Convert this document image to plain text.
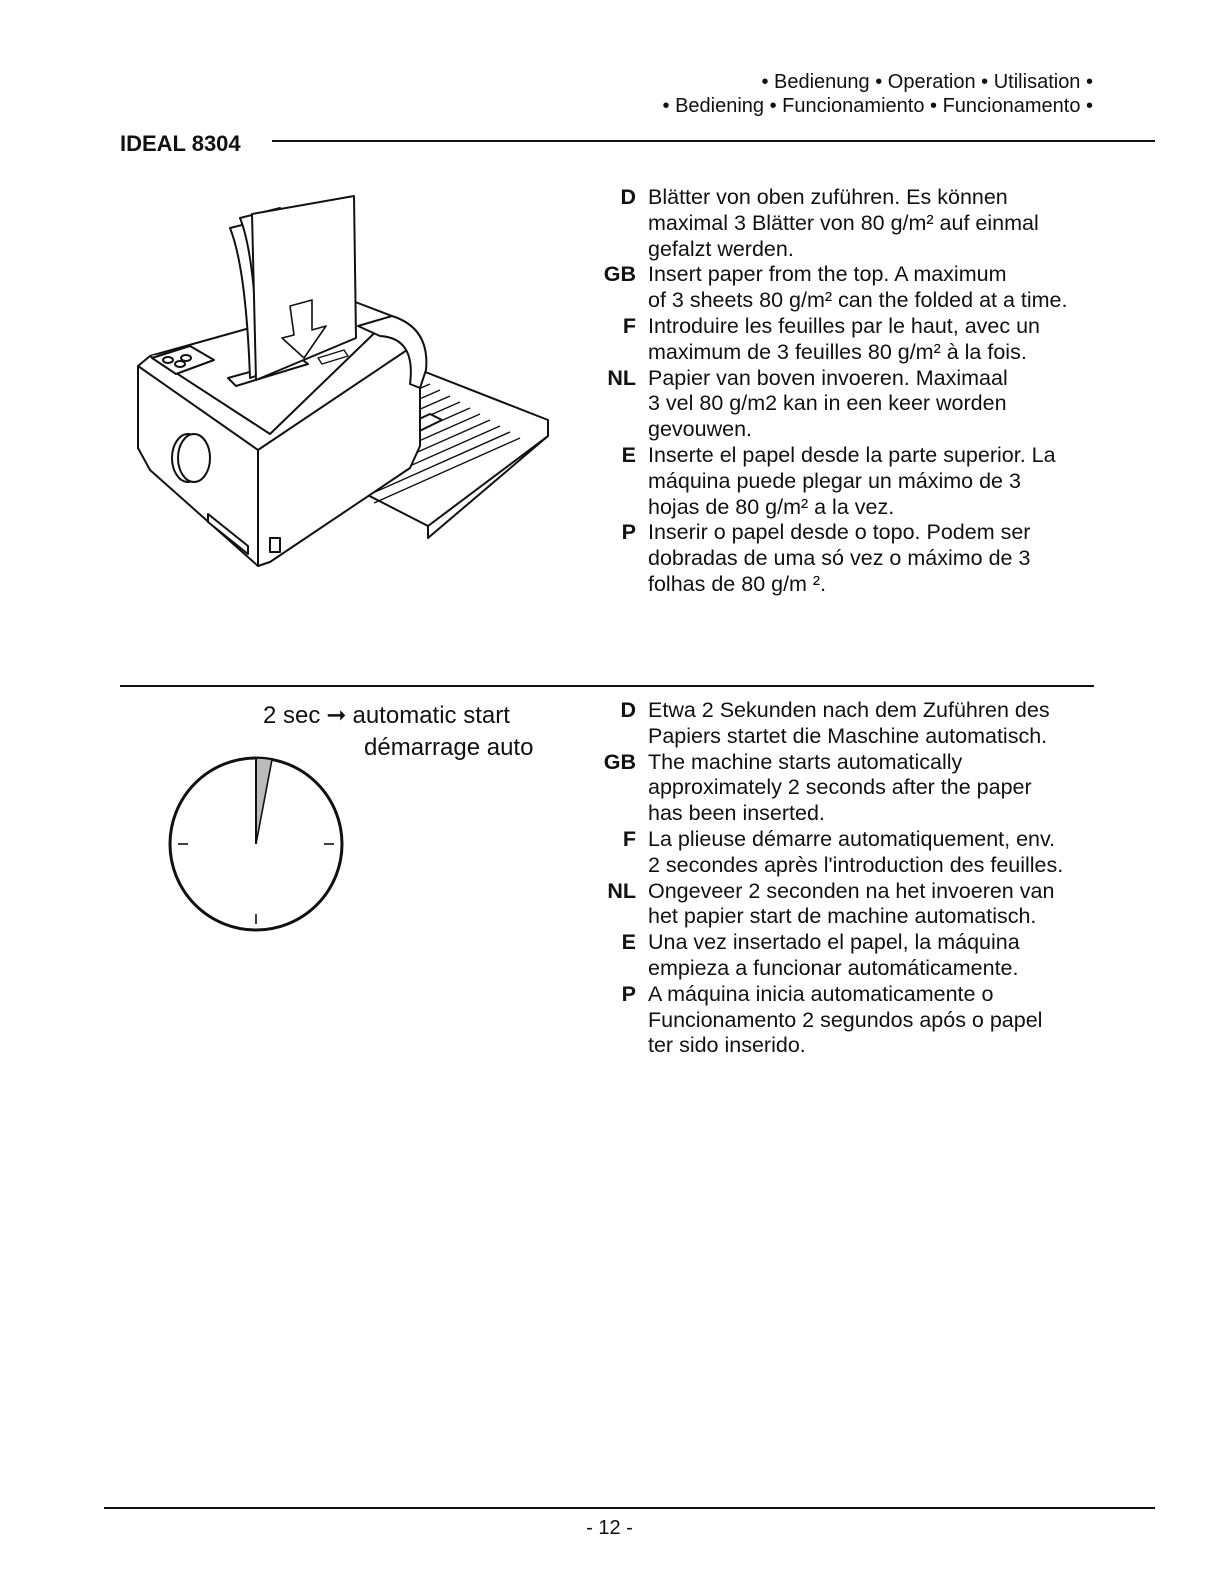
• Bedienung • Operation • Utilisation •
• Bediening • Funcionamiento • Funcionamento •
IDEAL 8304
D Blätter von oben zuführen. Es können
maximal 3 Blätter von 80 g/m² auf einmal
gefalzt werden.
GB Insert paper from the top. A maximum
of 3 sheets 80 g/m² can the folded at a time.
F Introduire les feuilles par le haut, avec un
maximum de 3 feuilles 80 g/m² à la fois.
NL Papier van boven invoeren. Maximaal
3 vel 80 g/m2 kan in een keer worden
gevouwen.
E Inserte el papel desde la parte superior. La
máquina puede plegar un máximo de 3
hojas de 80 g/m² a la vez.
P Inserir o papel desde o topo. Podem ser
dobradas de uma só vez o máximo de 3
folhas de 80 g/m ².
2 sec ➞ automatic start
démarrage auto
D Etwa 2 Sekunden nach dem Zuführen des
Papiers startet die Maschine automatisch.
GB The machine starts automatically
approximately 2 seconds after the paper
has been inserted.
F La plieuse démarre automatiquement, env.
2 secondes après l'introduction des feuilles.
NL Ongeveer 2 seconden na het invoeren van
het papier start de machine automatisch.
E Una vez insertado el papel, la máquina
empieza a funcionar automáticamente.
P A máquina inicia automaticamente o
Funcionamento 2 segundos após o papel
ter sido inserido.
- 12 -
